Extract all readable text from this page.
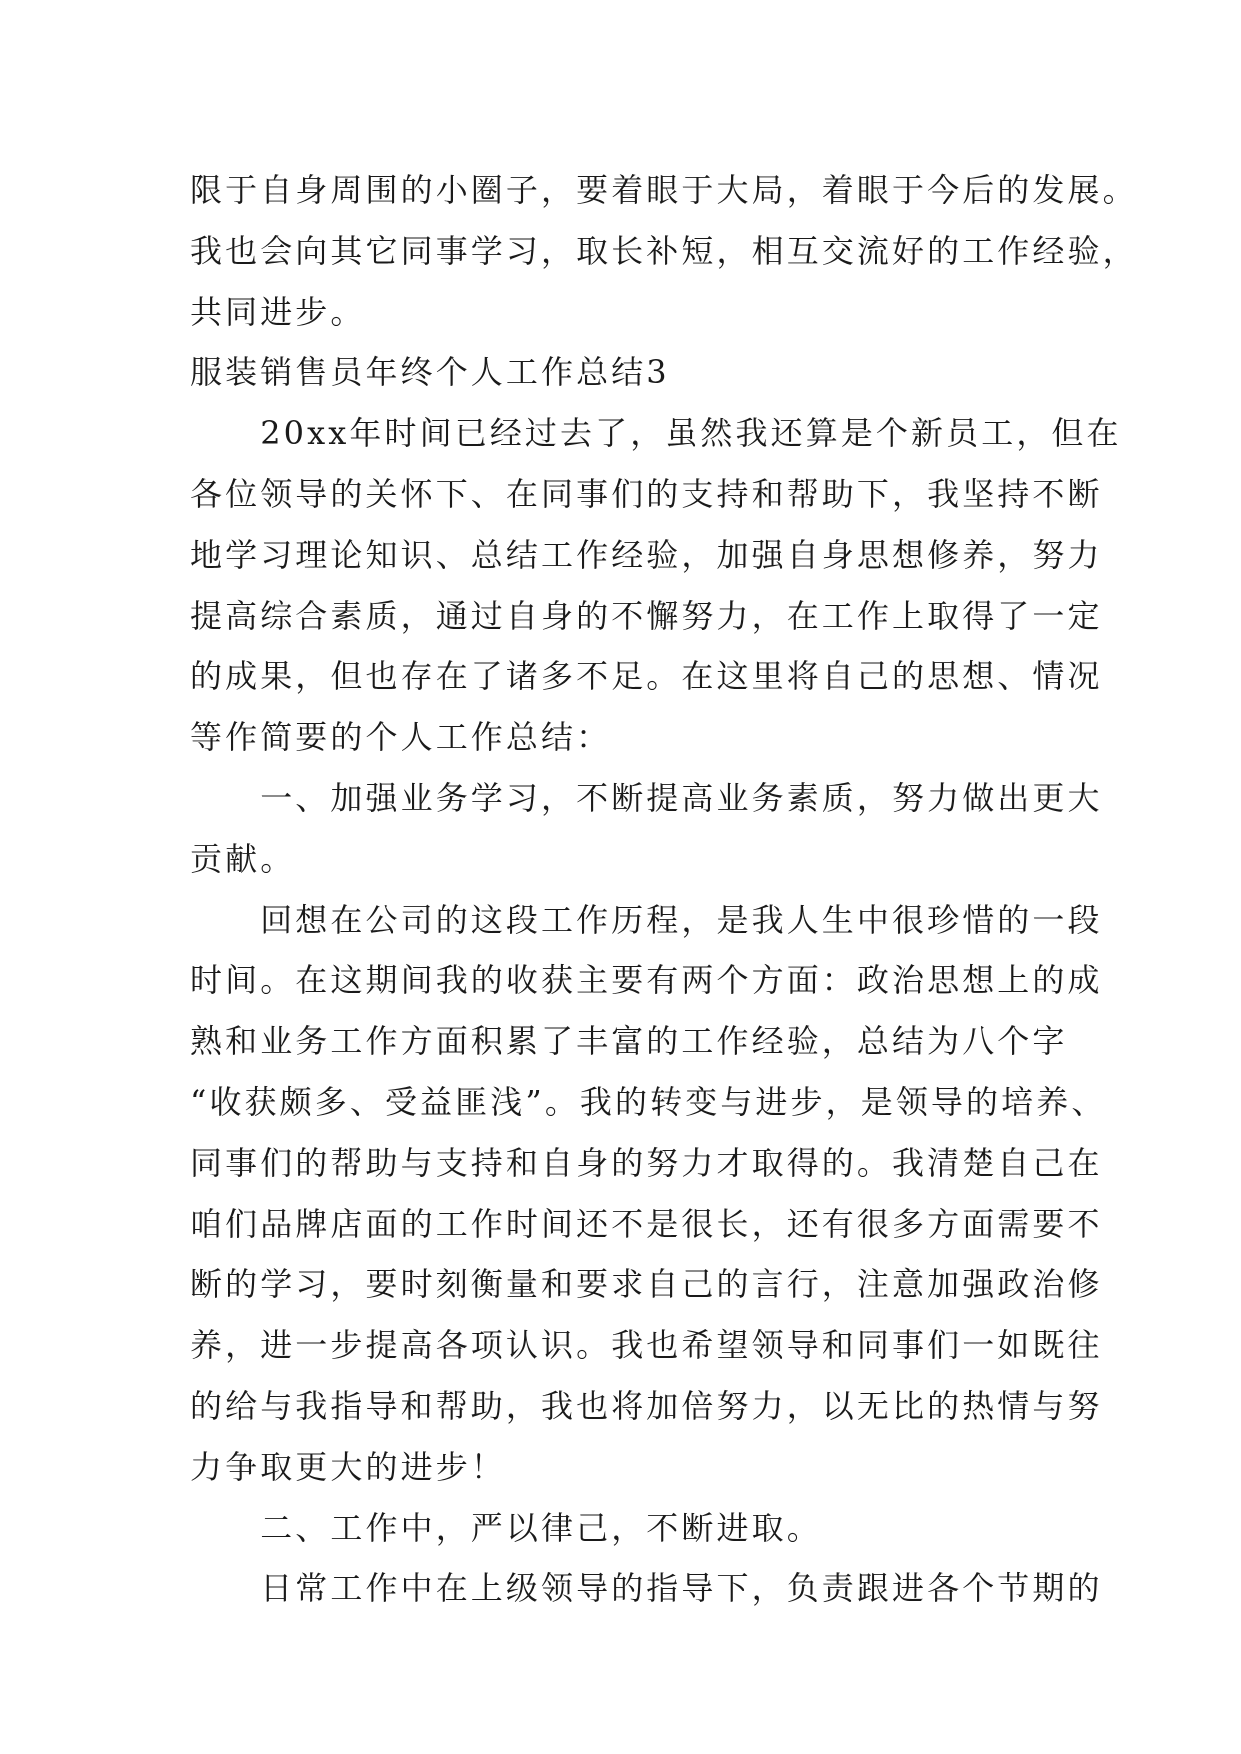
限于自身周围的小圈子，要着眼于大局，着眼于今后的发展。
我也会向其它同事学习，取长补短，相互交流好的工作经验，
共同进步。
服装销售员年终个人工作总结3
　　20xx年时间已经过去了，虽然我还算是个新员工，但在
各位领导的关怀下、在同事们的支持和帮助下，我坚持不断
地学习理论知识、总结工作经验，加强自身思想修养，努力
提高综合素质，通过自身的不懈努力，在工作上取得了一定
的成果，但也存在了诸多不足。在这里将自己的思想、情况
等作简要的个人工作总结：
　　一、加强业务学习，不断提高业务素质，努力做出更大
贡献。
　　回想在公司的这段工作历程，是我人生中很珍惜的一段
时间。在这期间我的收获主要有两个方面：政治思想上的成
熟和业务工作方面积累了丰富的工作经验，总结为八个字
“收获颇多、受益匪浅”。我的转变与进步，是领导的培养、
同事们的帮助与支持和自身的努力才取得的。我清楚自己在
咱们品牌店面的工作时间还不是很长，还有很多方面需要不
断的学习，要时刻衡量和要求自己的言行，注意加强政治修
养，进一步提高各项认识。我也希望领导和同事们一如既往
的给与我指导和帮助，我也将加倍努力，以无比的热情与努
力争取更大的进步！
　　二、工作中，严以律己，不断进取。
　　日常工作中在上级领导的指导下，负责跟进各个节期的
